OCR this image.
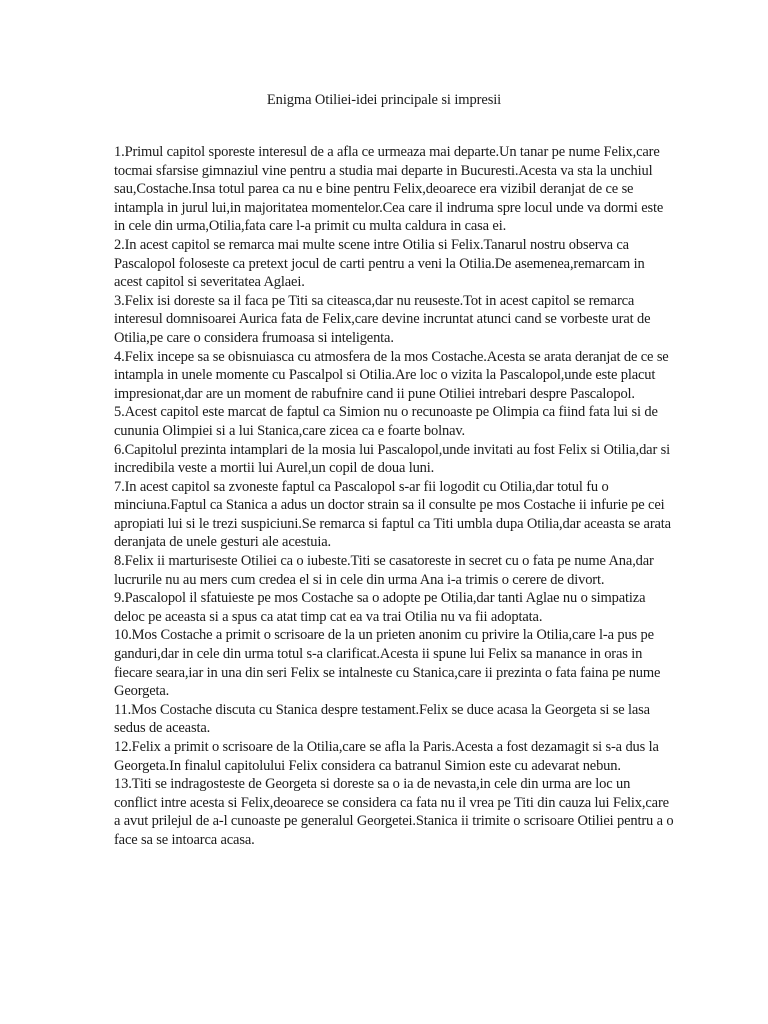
Enigma Otiliei-idei principale si impresii

1.Primul capitol sporeste interesul de a afla ce urmeaza mai departe.Un tanar pe nume Felix,care tocmai sfarsise gimnaziul vine pentru a studia mai departe in Bucuresti.Acesta va sta la unchiul sau,Costache.Insa totul parea ca nu e bine pentru Felix,deoarece era vizibil deranjat de ce se intampla in jurul lui,in majoritatea momentelor.Cea care il indruma spre locul unde va dormi este in cele din urma,Otilia,fata care l-a primit cu multa caldura in casa ei.

2.In acest capitol se remarca mai multe scene intre Otilia si Felix.Tanarul nostru observa ca Pascalopol foloseste ca pretext jocul de carti pentru a veni la Otilia.De asemenea,remarcam in acest capitol si severitatea Aglaei.

3.Felix isi doreste sa il faca pe Titi sa citeasca,dar nu reuseste.Tot in acest capitol se remarca interesul domnisoarei Aurica fata de Felix,care devine incruntat atunci cand se vorbeste urat de Otilia,pe care o considera frumoasa si inteligenta.

4.Felix incepe sa se obisnuiasca cu atmosfera de la mos Costache.Acesta se arata deranjat de ce se intampla in unele momente cu Pascalpol si Otilia.Are loc o vizita la Pascalopol,unde este placut impresionat,dar are un moment de rabufnire cand ii pune Otiliei intrebari despre Pascalopol.

5.Acest capitol este marcat de faptul ca Simion nu o recunoaste pe Olimpia ca fiind fata lui si de cununia Olimpiei si a lui Stanica,care zicea ca e foarte bolnav.

6.Capitolul prezinta intamplari de la mosia lui Pascalopol,unde invitati au fost Felix si Otilia,dar si incredibila veste a mortii lui Aurel,un copil de doua luni.

7.In acest capitol sa zvoneste faptul ca Pascalopol s-ar fii logodit cu Otilia,dar totul fu o minciuna.Faptul ca Stanica a adus un doctor strain sa il consulte pe mos Costache ii infurie pe cei apropiati lui si le trezi suspiciuni.Se remarca si faptul ca Titi umbla dupa Otilia,dar aceasta se arata deranjata de unele gesturi ale acestuia.

8.Felix ii marturiseste Otiliei ca o iubeste.Titi se casatoreste in secret cu o fata pe nume Ana,dar lucrurile nu au mers cum credea el si in cele din urma Ana i-a trimis o cerere de divort.

9.Pascalopol il sfatuieste pe mos Costache sa o adopte pe Otilia,dar tanti Aglae nu o simpatiza deloc pe aceasta si a spus ca atat timp cat ea va trai Otilia nu va fii adoptata.

10.Mos Costache a primit o scrisoare de la un prieten anonim cu privire la Otilia,care l-a pus pe ganduri,dar in cele din urma totul s-a clarificat.Acesta ii spune lui Felix sa manance in oras in fiecare seara,iar in una din seri Felix se intalneste cu Stanica,care ii prezinta o fata faina pe nume Georgeta.

11.Mos Costache discuta cu Stanica despre testament.Felix se duce acasa la Georgeta si se lasa sedus de aceasta.

12.Felix a primit o scrisoare de la Otilia,care se afla la Paris.Acesta a fost dezamagit si s-a dus la Georgeta.In finalul capitolului Felix considera ca batranul Simion este cu adevarat nebun.

13.Titi se indragosteste de Georgeta si doreste sa o ia de nevasta,in cele din urma are loc un conflict intre acesta si Felix,deoarece se considera ca fata nu il vrea pe Titi din cauza lui Felix,care a avut prilejul de a-l cunoaste pe generalul Georgetei.Stanica ii trimite o scrisoare Otiliei pentru a o face sa se intoarca acasa.
